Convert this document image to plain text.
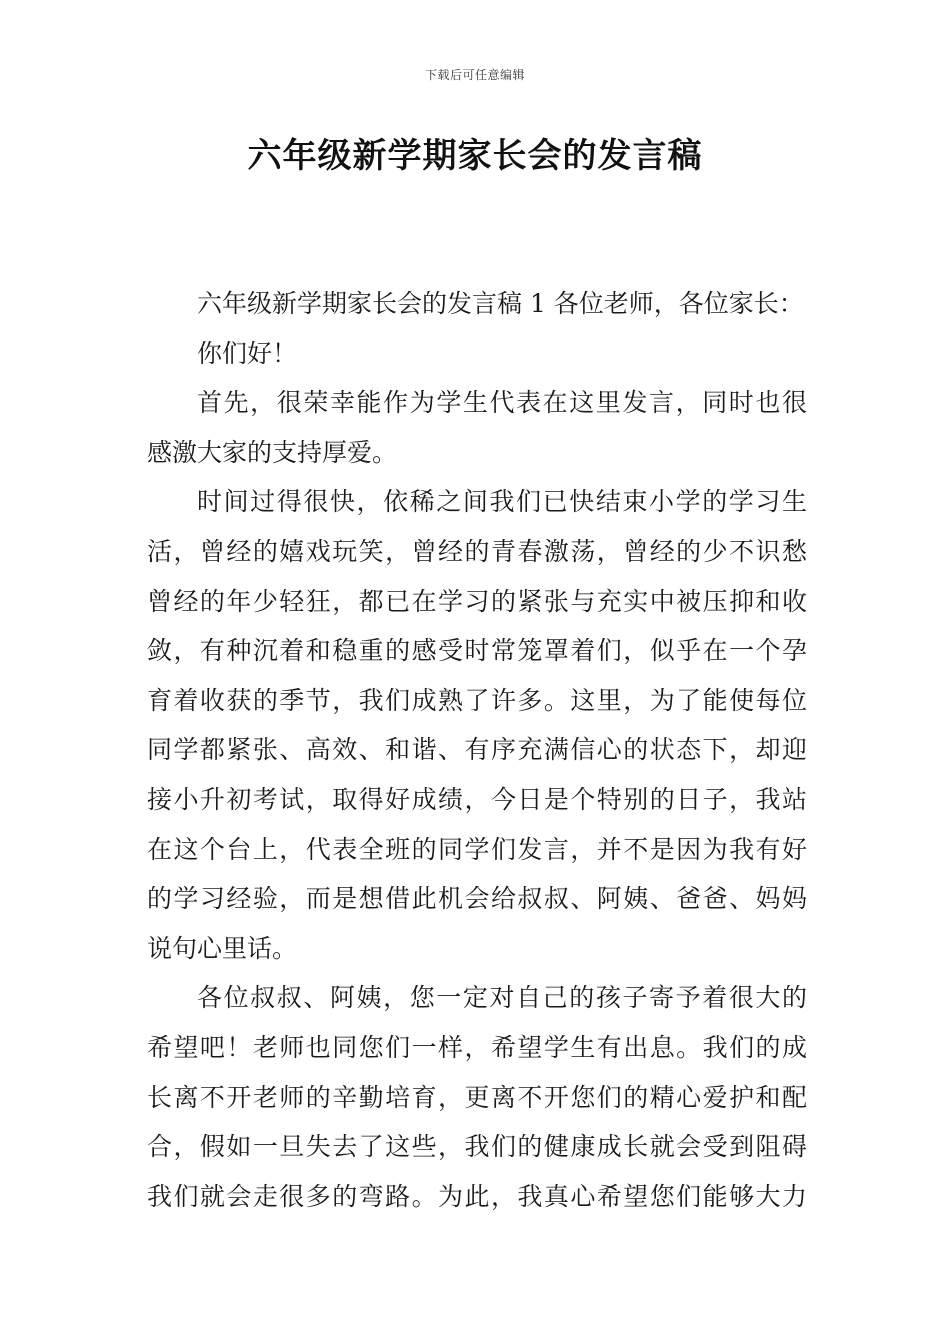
下载后可任意编辑
六年级新学期家长会的发言稿
六年级新学期家长会的发言稿 1 各位老师，各位家长：
你们好！
首先，很荣幸能作为学生代表在这里发言，同时也很
感激大家的支持厚爱。
时间过得很快，依稀之间我们已快结束小学的学习生
活，曾经的嬉戏玩笑，曾经的青春激荡，曾经的少不识愁
曾经的年少轻狂，都已在学习的紧张与充实中被压抑和收
敛，有种沉着和稳重的感受时常笼罩着们，似乎在一个孕
育着收获的季节，我们成熟了许多。这里，为了能使每位
同学都紧张、高效、和谐、有序充满信心的状态下，却迎
接小升初考试，取得好成绩，今日是个特别的日子，我站
在这个台上，代表全班的同学们发言，并不是因为我有好
的学习经验，而是想借此机会给叔叔、阿姨、爸爸、妈妈
说句心里话。
各位叔叔、阿姨，您一定对自己的孩子寄予着很大的
希望吧！老师也同您们一样，希望学生有出息。我们的成
长离不开老师的辛勤培育，更离不开您们的精心爱护和配
合，假如一旦失去了这些，我们的健康成长就会受到阻碍
我们就会走很多的弯路。为此，我真心希望您们能够大力
